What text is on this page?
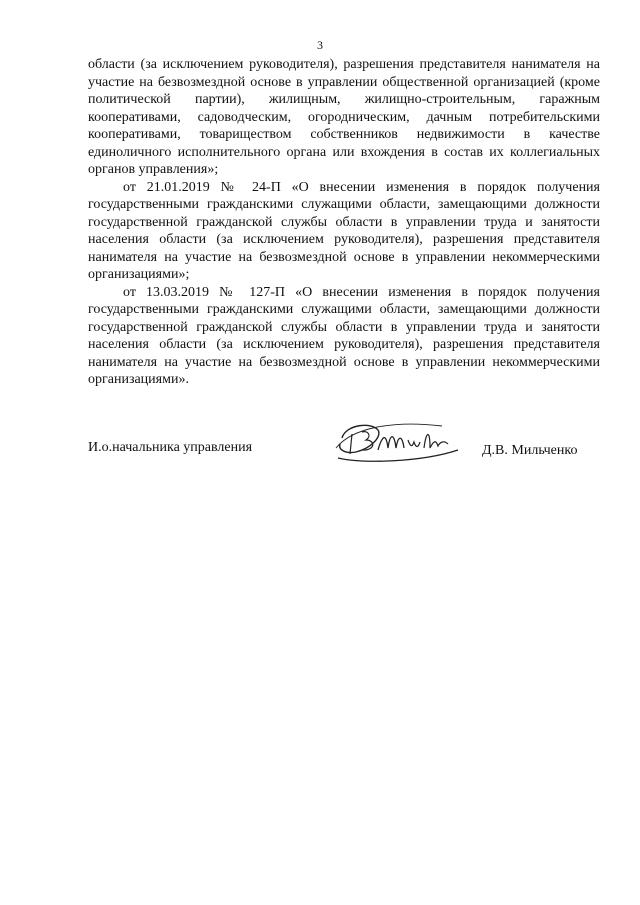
3

области (за исключением руководителя), разрешения представителя нанимателя на участие на безвозмездной основе в управлении общественной организацией (кроме политической партии), жилищным, жилищно-строительным, гаражным кооперативами, садоводческим, огородническим, дачным потребительскими кооперативами, товариществом собственников недвижимости в качестве единоличного исполнительного органа или вхождения в состав их коллегиальных органов управления»;

от 21.01.2019 № 24-П «О внесении изменения в порядок получения государственными гражданскими служащими области, замещающими должности государственной гражданской службы области в управлении труда и занятости населения области (за исключением руководителя), разрешения представителя нанимателя на участие на безвозмездной основе в управлении некоммерческими организациями»;

от 13.03.2019 № 127-П «О внесении изменения в порядок получения государственными гражданскими служащими области, замещающими должности государственной гражданской службы области в управлении труда и занятости населения области (за исключением руководителя), разрешения представителя нанимателя на участие на безвозмездной основе в управлении некоммерческими организациями».

И.о.начальника управления	Д.В. Мильченко
